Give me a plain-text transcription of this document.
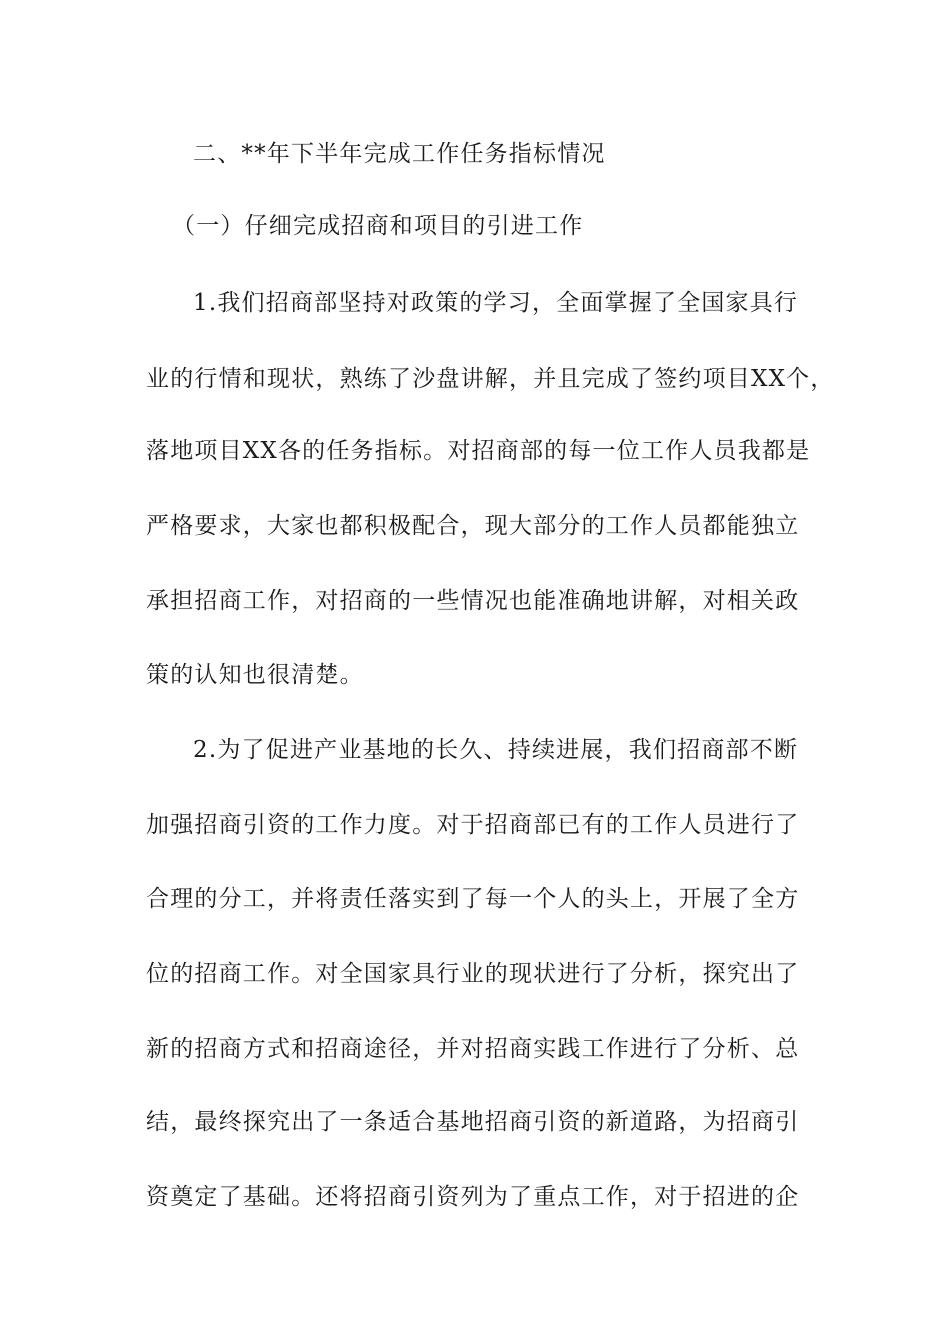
二、**年下半年完成工作任务指标情况
（一）仔细完成招商和项目的引进工作
1.我们招商部坚持对政策的学习，全面掌握了全国家具行
业的行情和现状，熟练了沙盘讲解，并且完成了签约项目XX个，
落地项目XX各的任务指标。对招商部的每一位工作人员我都是
严格要求，大家也都积极配合，现大部分的工作人员都能独立
承担招商工作，对招商的一些情况也能准确地讲解，对相关政
策的认知也很清楚。
2.为了促进产业基地的长久、持续进展，我们招商部不断
加强招商引资的工作力度。对于招商部已有的工作人员进行了
合理的分工，并将责任落实到了每一个人的头上，开展了全方
位的招商工作。对全国家具行业的现状进行了分析，探究出了
新的招商方式和招商途径，并对招商实践工作进行了分析、总
结，最终探究出了一条适合基地招商引资的新道路，为招商引
资奠定了基础。还将招商引资列为了重点工作，对于招进的企
